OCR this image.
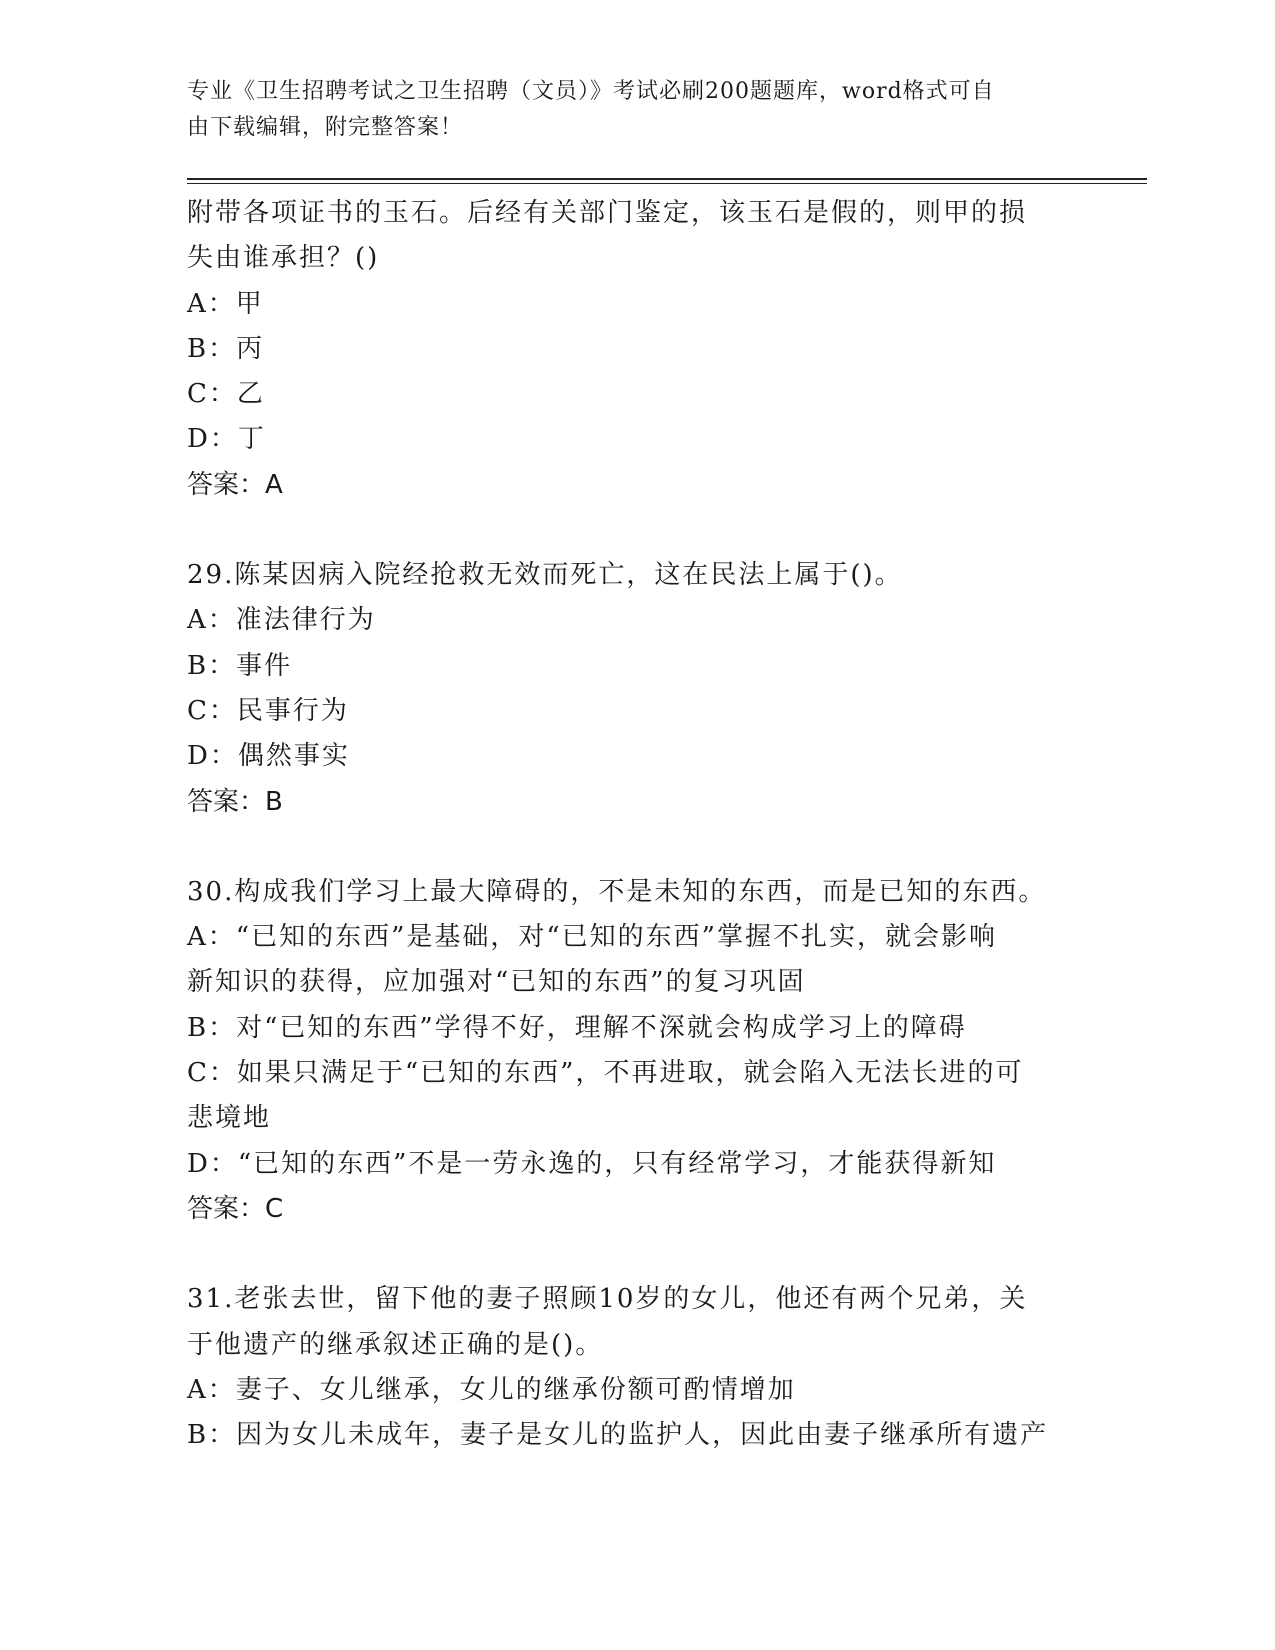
专业《卫生招聘考试之卫生招聘（文员）》考试必刷200题题库，word格式可自
由下载编辑，附完整答案！
附带各项证书的玉石。后经有关部门鉴定，该玉石是假的，则甲的损
失由谁承担？()
A：甲
B：丙
C：乙
D：丁
答案：A
29.陈某因病入院经抢救无效而死亡，这在民法上属于()。
A：准法律行为
B：事件
C：民事行为
D：偶然事实
答案：B
30.构成我们学习上最大障碍的，不是未知的东西，而是已知的东西。
A：“已知的东西”是基础，对“已知的东西”掌握不扎实，就会影响
新知识的获得，应加强对“已知的东西”的复习巩固
B：对“已知的东西”学得不好，理解不深就会构成学习上的障碍
C：如果只满足于“已知的东西”，不再进取，就会陷入无法长进的可
悲境地
D：“已知的东西”不是一劳永逸的，只有经常学习，才能获得新知
答案：C
31.老张去世，留下他的妻子照顾10岁的女儿，他还有两个兄弟，关
于他遗产的继承叙述正确的是()。
A：妻子、女儿继承，女儿的继承份额可酌情增加
B：因为女儿未成年，妻子是女儿的监护人，因此由妻子继承所有遗产
